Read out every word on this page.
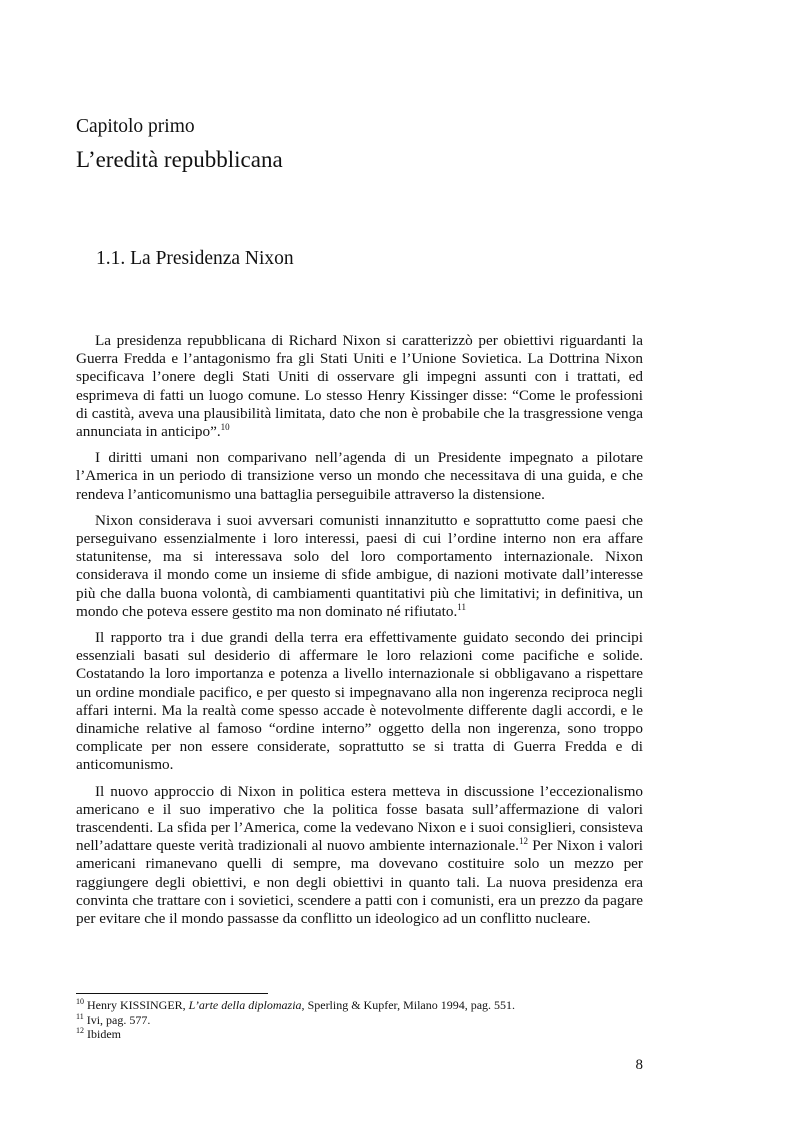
Capitolo primo
L’eredità repubblicana
1.1. La Presidenza Nixon

La presidenza repubblicana di Richard Nixon si caratterizzò per obiettivi riguardanti la Guerra Fredda e l’antagonismo fra gli Stati Uniti e l’Unione Sovietica. La Dottrina Nixon specificava l’onere degli Stati Uniti di osservare gli impegni assunti con i trattati, ed esprimeva di fatti un luogo comune. Lo stesso Henry Kissinger disse: “Come le professioni di castità, aveva una plausibilità limitata, dato che non è probabile che la trasgressione venga annunciata in anticipo”.$^{10}$

I diritti umani non comparivano nell’agenda di un Presidente impegnato a pilotare l’America in un periodo di transizione verso un mondo che necessitava di una guida, e che rendeva l’anticomunismo una battaglia perseguibile attraverso la distensione.

Nixon considerava i suoi avversari comunisti innanzitutto e soprattutto come paesi che perseguivano essenzialmente i loro interessi, paesi di cui l’ordine interno non era affare statunitense, ma si interessava solo del loro comportamento internazionale. Nixon considerava il mondo come un insieme di sfide ambigue, di nazioni motivate dall’interesse più che dalla buona volontà, di cambiamenti quantitativi più che limitativi; in definitiva, un mondo che poteva essere gestito ma non dominato né rifiutato.$^{11}$

Il rapporto tra i due grandi della terra era effettivamente guidato secondo dei principi essenziali basati sul desiderio di affermare le loro relazioni come pacifiche e solide. Costatando la loro importanza e potenza a livello internazionale si obbligavano a rispettare un ordine mondiale pacifico, e per questo si impegnavano alla non ingerenza reciproca negli affari interni. Ma la realtà come spesso accade è notevolmente differente dagli accordi, e le dinamiche relative al famoso “ordine interno” oggetto della non ingerenza, sono troppo complicate per non essere considerate, soprattutto se si tratta di Guerra Fredda e di anticomunismo.

Il nuovo approccio di Nixon in politica estera metteva in discussione l’eccezionalismo americano e il suo imperativo che la politica fosse basata sull’affermazione di valori trascendenti. La sfida per l’America, come la vedevano Nixon e i suoi consiglieri, consisteva nell’adattare queste verità tradizionali al nuovo ambiente internazionale.$^{12}$ Per Nixon i valori americani rimanevano quelli di sempre, ma dovevano costituire solo un mezzo per raggiungere degli obiettivi, e non degli obiettivi in quanto tali. La nuova presidenza era convinta che trattare con i sovietici, scendere a patti con i comunisti, era un prezzo da pagare per evitare che il mondo passasse da conflitto un ideologico ad un conflitto nucleare.

$^{10}$ Henry KISSINGER, L’arte della diplomazia, Sperling & Kupfer, Milano 1994, pag. 551.
$^{11}$ Ivi, pag. 577.
$^{12}$ Ibidem
8
